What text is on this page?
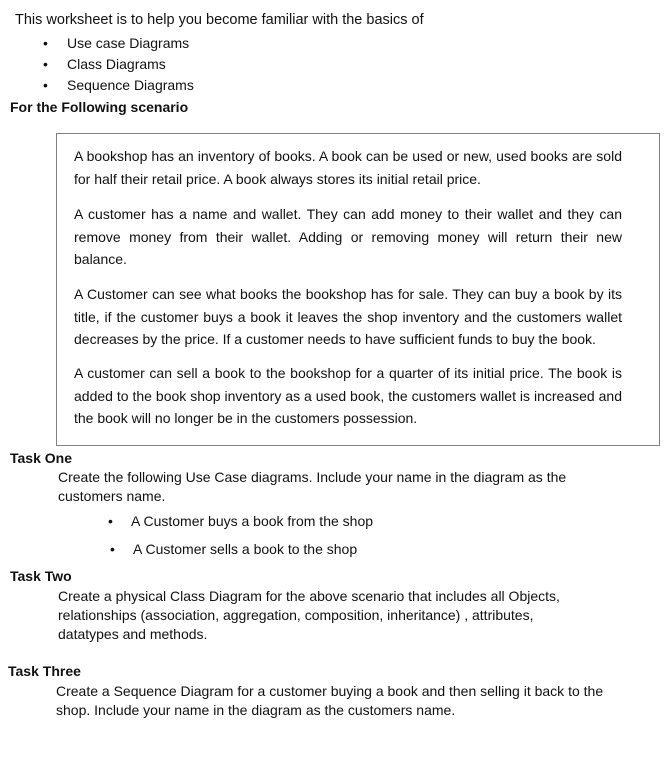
This worksheet is to help you become familiar with the basics of
• Use case Diagrams
• Class Diagrams
• Sequence Diagrams
For the Following scenario
A bookshop has an inventory of books. A book can be used or new, used books are sold for half their retail price. A book always stores its initial retail price.
A customer has a name and wallet. They can add money to their wallet and they can remove money from their wallet. Adding or removing money will return their new balance.
A Customer can see what books the bookshop has for sale. They can buy a book by its title, if the customer buys a book it leaves the shop inventory and the customers wallet decreases by the price. If a customer needs to have sufficient funds to buy the book.
A customer can sell a book to the bookshop for a quarter of its initial price. The book is added to the book shop inventory as a used book, the customers wallet is increased and the book will no longer be in the customers possession.
Task One
Create the following Use Case diagrams. Include your name in the diagram as the customers name.
• A Customer buys a book from the shop
• A Customer sells a book to the shop
Task Two
Create a physical Class Diagram for the above scenario that includes all Objects, relationships (association, aggregation, composition, inheritance) , attributes, datatypes and methods.
Task Three
Create a Sequence Diagram for a customer buying a book and then selling it back to the shop. Include your name in the diagram as the customers name.
